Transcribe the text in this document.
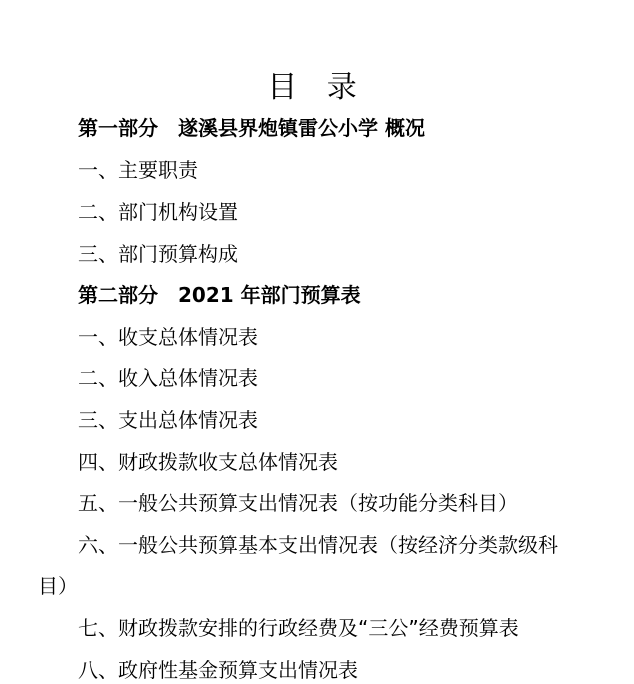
目 录
第一部分　遂溪县界炮镇雷公小学 概况
一、主要职责
二、部门机构设置
三、部门预算构成
第二部分　2021 年部门预算表
一、收支总体情况表
二、收入总体情况表
三、支出总体情况表
四、财政拨款收支总体情况表
五、一般公共预算支出情况表（按功能分类科目）
六、一般公共预算基本支出情况表（按经济分类款级科
目）
七、财政拨款安排的行政经费及“三公”经费预算表
八、政府性基金预算支出情况表
